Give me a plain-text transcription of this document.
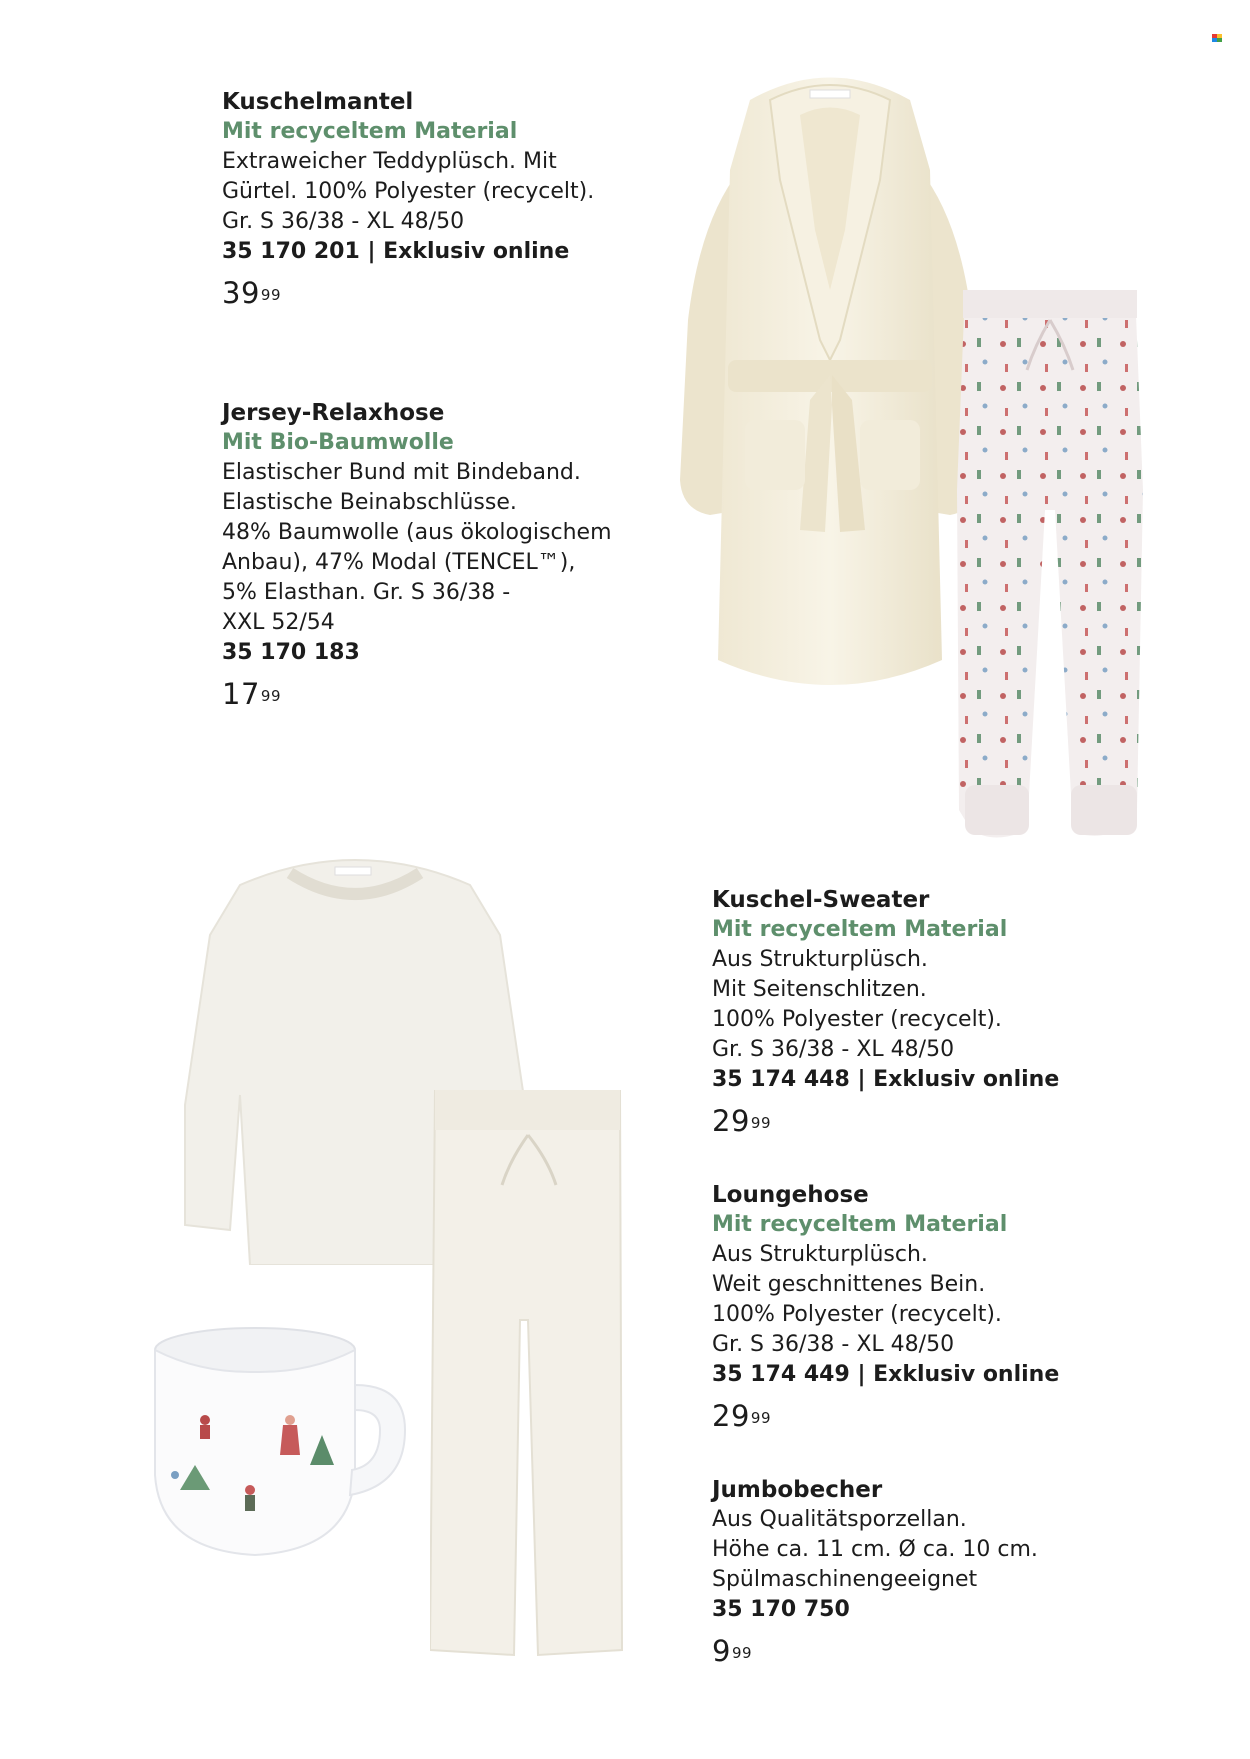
Kuschelmantel
Mit recyceltem Material
Extraweicher Teddyplüsch. Mit
Gürtel. 100% Polyester (recycelt).
Gr. S 36/38 - XL 48/50
35 170 201 | Exklusiv online
$39^{99}$
Jersey-Relaxhose
Mit Bio-Baumwolle
Elastischer Bund mit Bindeband.
Elastische Beinabschlüsse.
48% Baumwolle (aus ökologischem
Anbau), 47% Modal (TENCEL™),
5% Elasthan. Gr. S 36/38 -
XXL 52/54
35 170 183
$17^{99}$
Kuschel-Sweater
Mit recyceltem Material
Aus Strukturplüsch.
Mit Seitenschlitzen.
100% Polyester (recycelt).
Gr. S 36/38 - XL 48/50
35 174 448 | Exklusiv online
$29^{99}$
Loungehose
Mit recyceltem Material
Aus Strukturplüsch.
Weit geschnittenes Bein.
100% Polyester (recycelt).
Gr. S 36/38 - XL 48/50
35 174 449 | Exklusiv online
$29^{99}$
Jumbobecher
Aus Qualitätsporzellan.
Höhe ca. 11 cm. Ø ca. 10 cm.
Spülmaschinengeeignet
35 170 750
$9^{99}$
